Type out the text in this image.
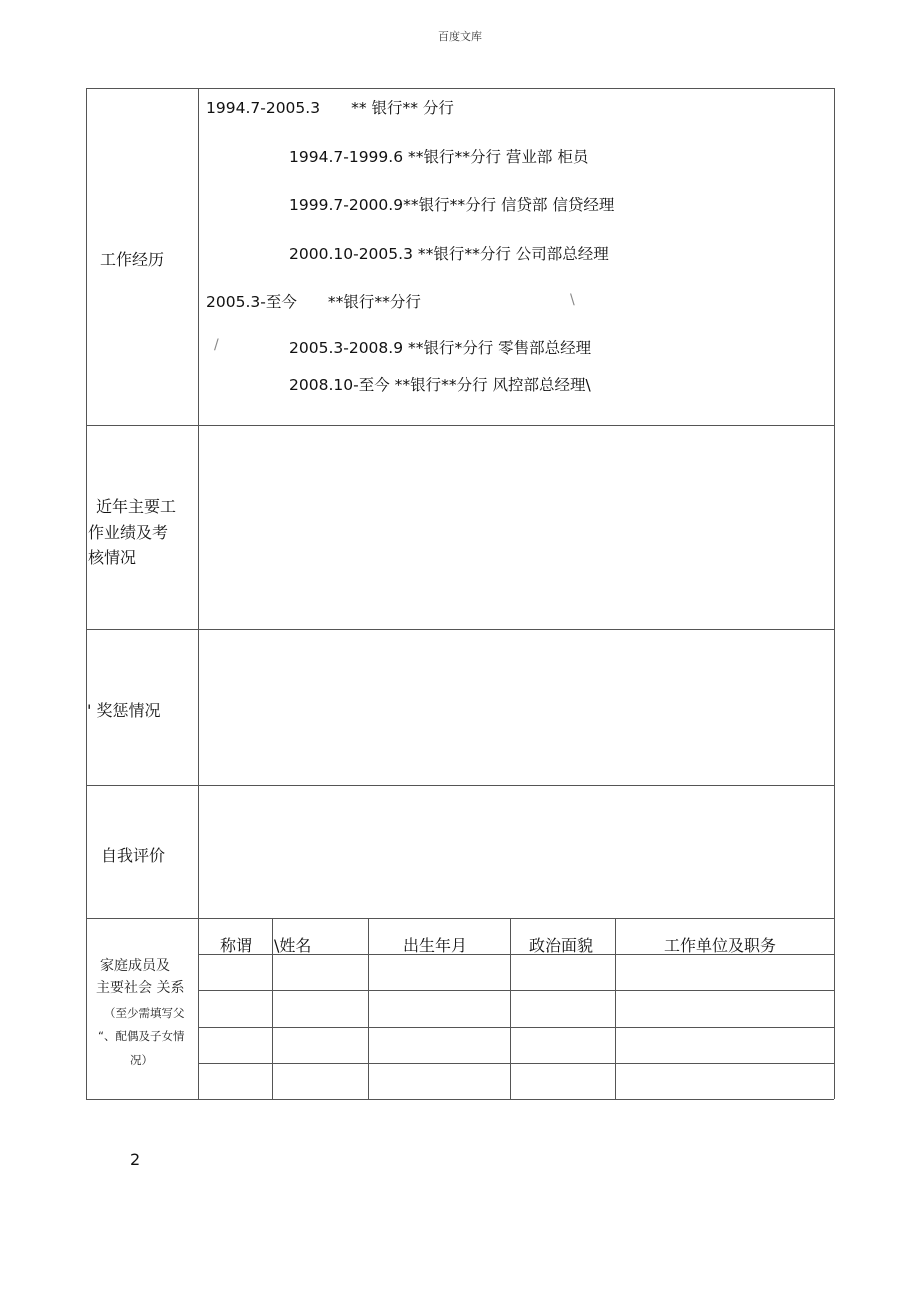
百度文库
工作经历
1994.7-2005.3　　** 银行** 分行
1994.7-1999.6 **银行**分行 营业部 柜员
1999.7-2000.9**银行**分行 信贷部 信贷经理
2000.10-2005.3 **银行**分行 公司部总经理
2005.3-至今　　**银行**分行	\
/	2005.3-2008.9 **银行*分行 零售部总经理
2008.10-至今 **银行**分行 风控部总经理\
近年主要工
作业绩及考
核情况
' 奖惩情况
自我评价
家庭成员及
主要社会 关系
（至少需填写父
“、配偶及子女情
况）
称谓 \姓名	出生年月	政治面貌	工作单位及职务
2
